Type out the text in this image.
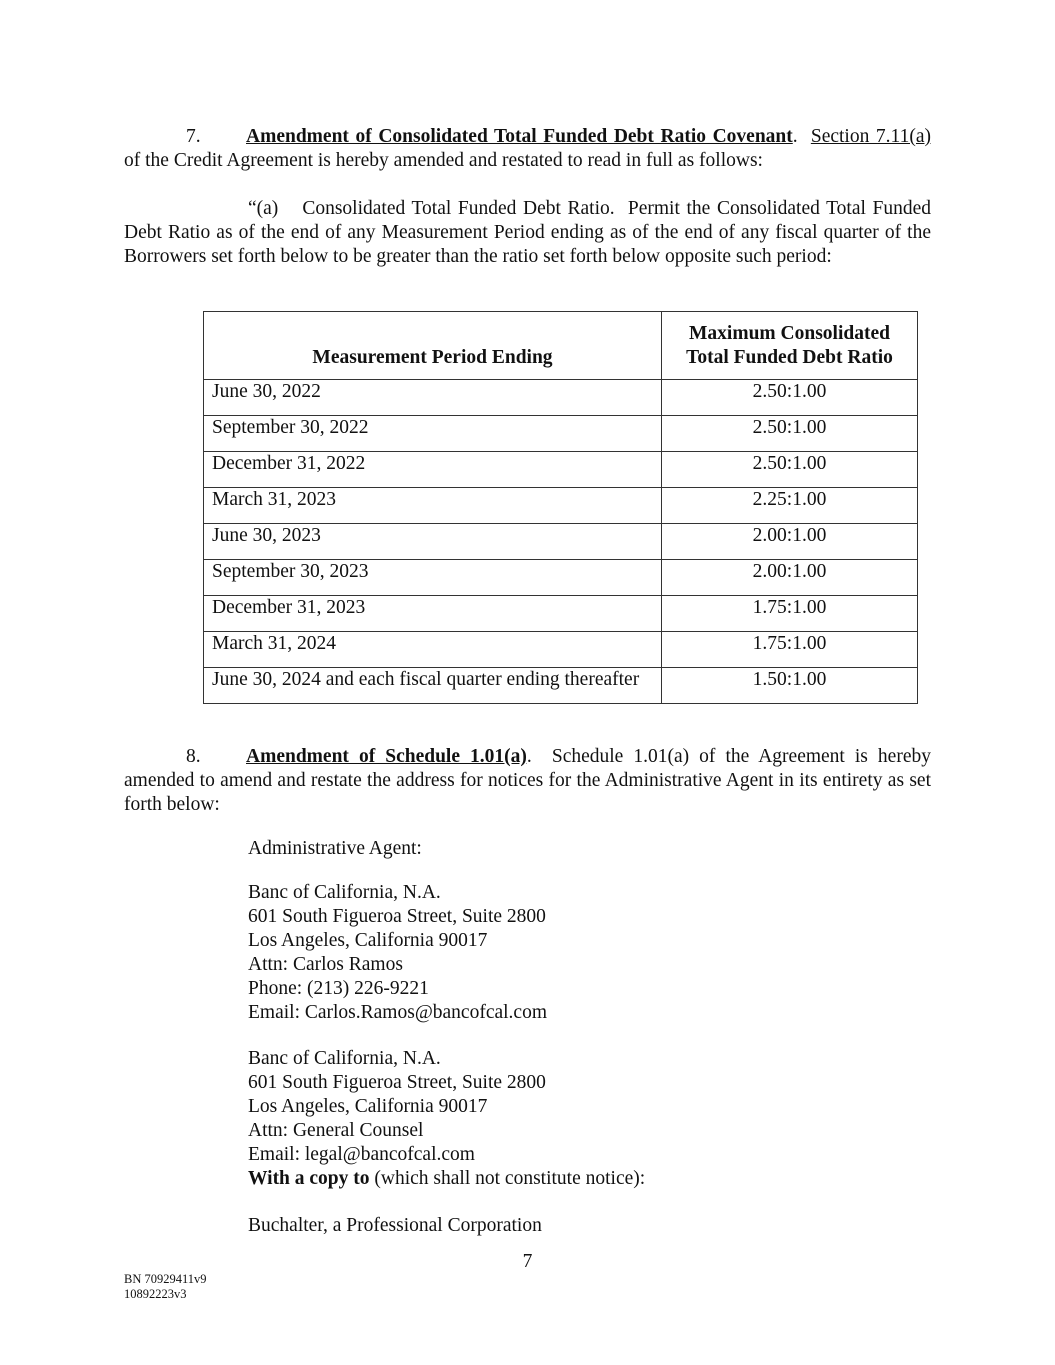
7. Amendment of Consolidated Total Funded Debt Ratio Covenant. Section 7.11(a) of the Credit Agreement is hereby amended and restated to read in full as follows:

“(a) Consolidated Total Funded Debt Ratio. Permit the Consolidated Total Funded Debt Ratio as of the end of any Measurement Period ending as of the end of any fiscal quarter of the Borrowers set forth below to be greater than the ratio set forth below opposite such period:

Measurement Period Ending	Maximum Consolidated Total Funded Debt Ratio
June 30, 2022	2.50:1.00
September 30, 2022	2.50:1.00
December 31, 2022	2.50:1.00
March 31, 2023	2.25:1.00
June 30, 2023	2.00:1.00
September 30, 2023	2.00:1.00
December 31, 2023	1.75:1.00
March 31, 2024	1.75:1.00
June 30, 2024 and each fiscal quarter ending thereafter	1.50:1.00

8. Amendment of Schedule 1.01(a). Schedule 1.01(a) of the Agreement is hereby amended to amend and restate the address for notices for the Administrative Agent in its entirety as set forth below:

Administrative Agent:
Banc of California, N.A.
601 South Figueroa Street, Suite 2800
Los Angeles, California 90017
Attn: Carlos Ramos
Phone: (213) 226-9221
Email: Carlos.Ramos@bancofcal.com
Banc of California, N.A.
601 South Figueroa Street, Suite 2800
Los Angeles, California 90017
Attn: General Counsel
Email: legal@bancofcal.com
With a copy to (which shall not constitute notice):
Buchalter, a Professional Corporation
7
BN 70929411v9
10892223v3
